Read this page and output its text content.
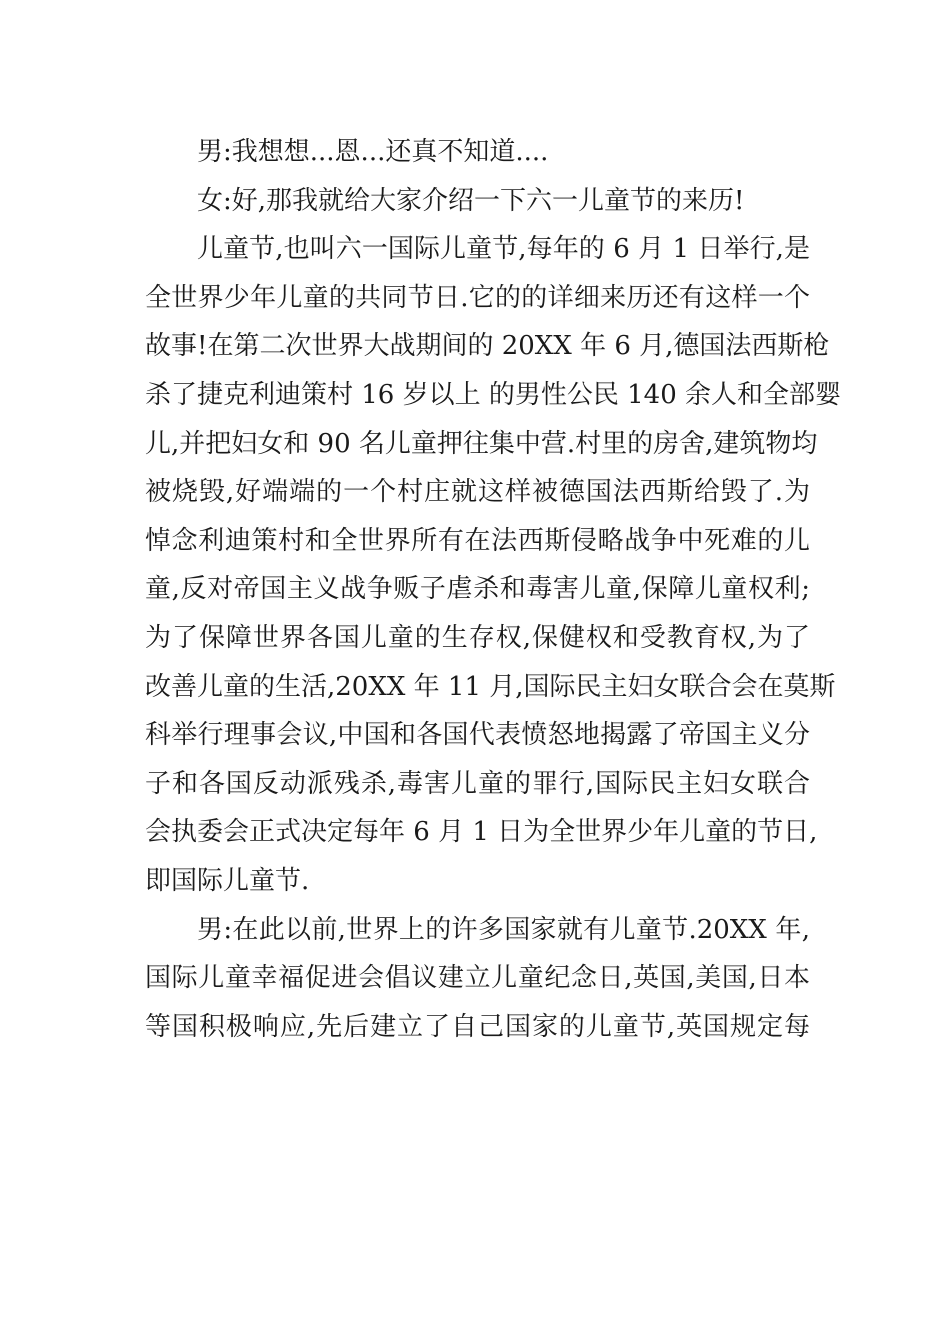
男:我想想...恩...还真不知道....
女:好,那我就给大家介绍一下六一儿童节的来历!
儿童节,也叫六一国际儿童节,每年的 6 月 1 日举行,是
全世界少年儿童的共同节日.它的的详细来历还有这样一个
故事!在第二次世界大战期间的 20XX 年 6 月,德国法西斯枪
杀了捷克利迪策村 16 岁以上 的男性公民 140 余人和全部婴
儿,并把妇女和 90 名儿童押往集中营.村里的房舍,建筑物均
被烧毁,好端端的一个村庄就这样被德国法西斯给毁了.为
悼念利迪策村和全世界所有在法西斯侵略战争中死难的儿
童,反对帝国主义战争贩子虐杀和毒害儿童,保障儿童权利;
为了保障世界各国儿童的生存权,保健权和受教育权,为了
改善儿童的生活,20XX 年 11 月,国际民主妇女联合会在莫斯
科举行理事会议,中国和各国代表愤怒地揭露了帝国主义分
子和各国反动派残杀,毒害儿童的罪行,国际民主妇女联合
会执委会正式决定每年 6 月 1 日为全世界少年儿童的节日,
即国际儿童节.
男:在此以前,世界上的许多国家就有儿童节.20XX 年,
国际儿童幸福促进会倡议建立儿童纪念日,英国,美国,日本
等国积极响应,先后建立了自己国家的儿童节,英国规定每
